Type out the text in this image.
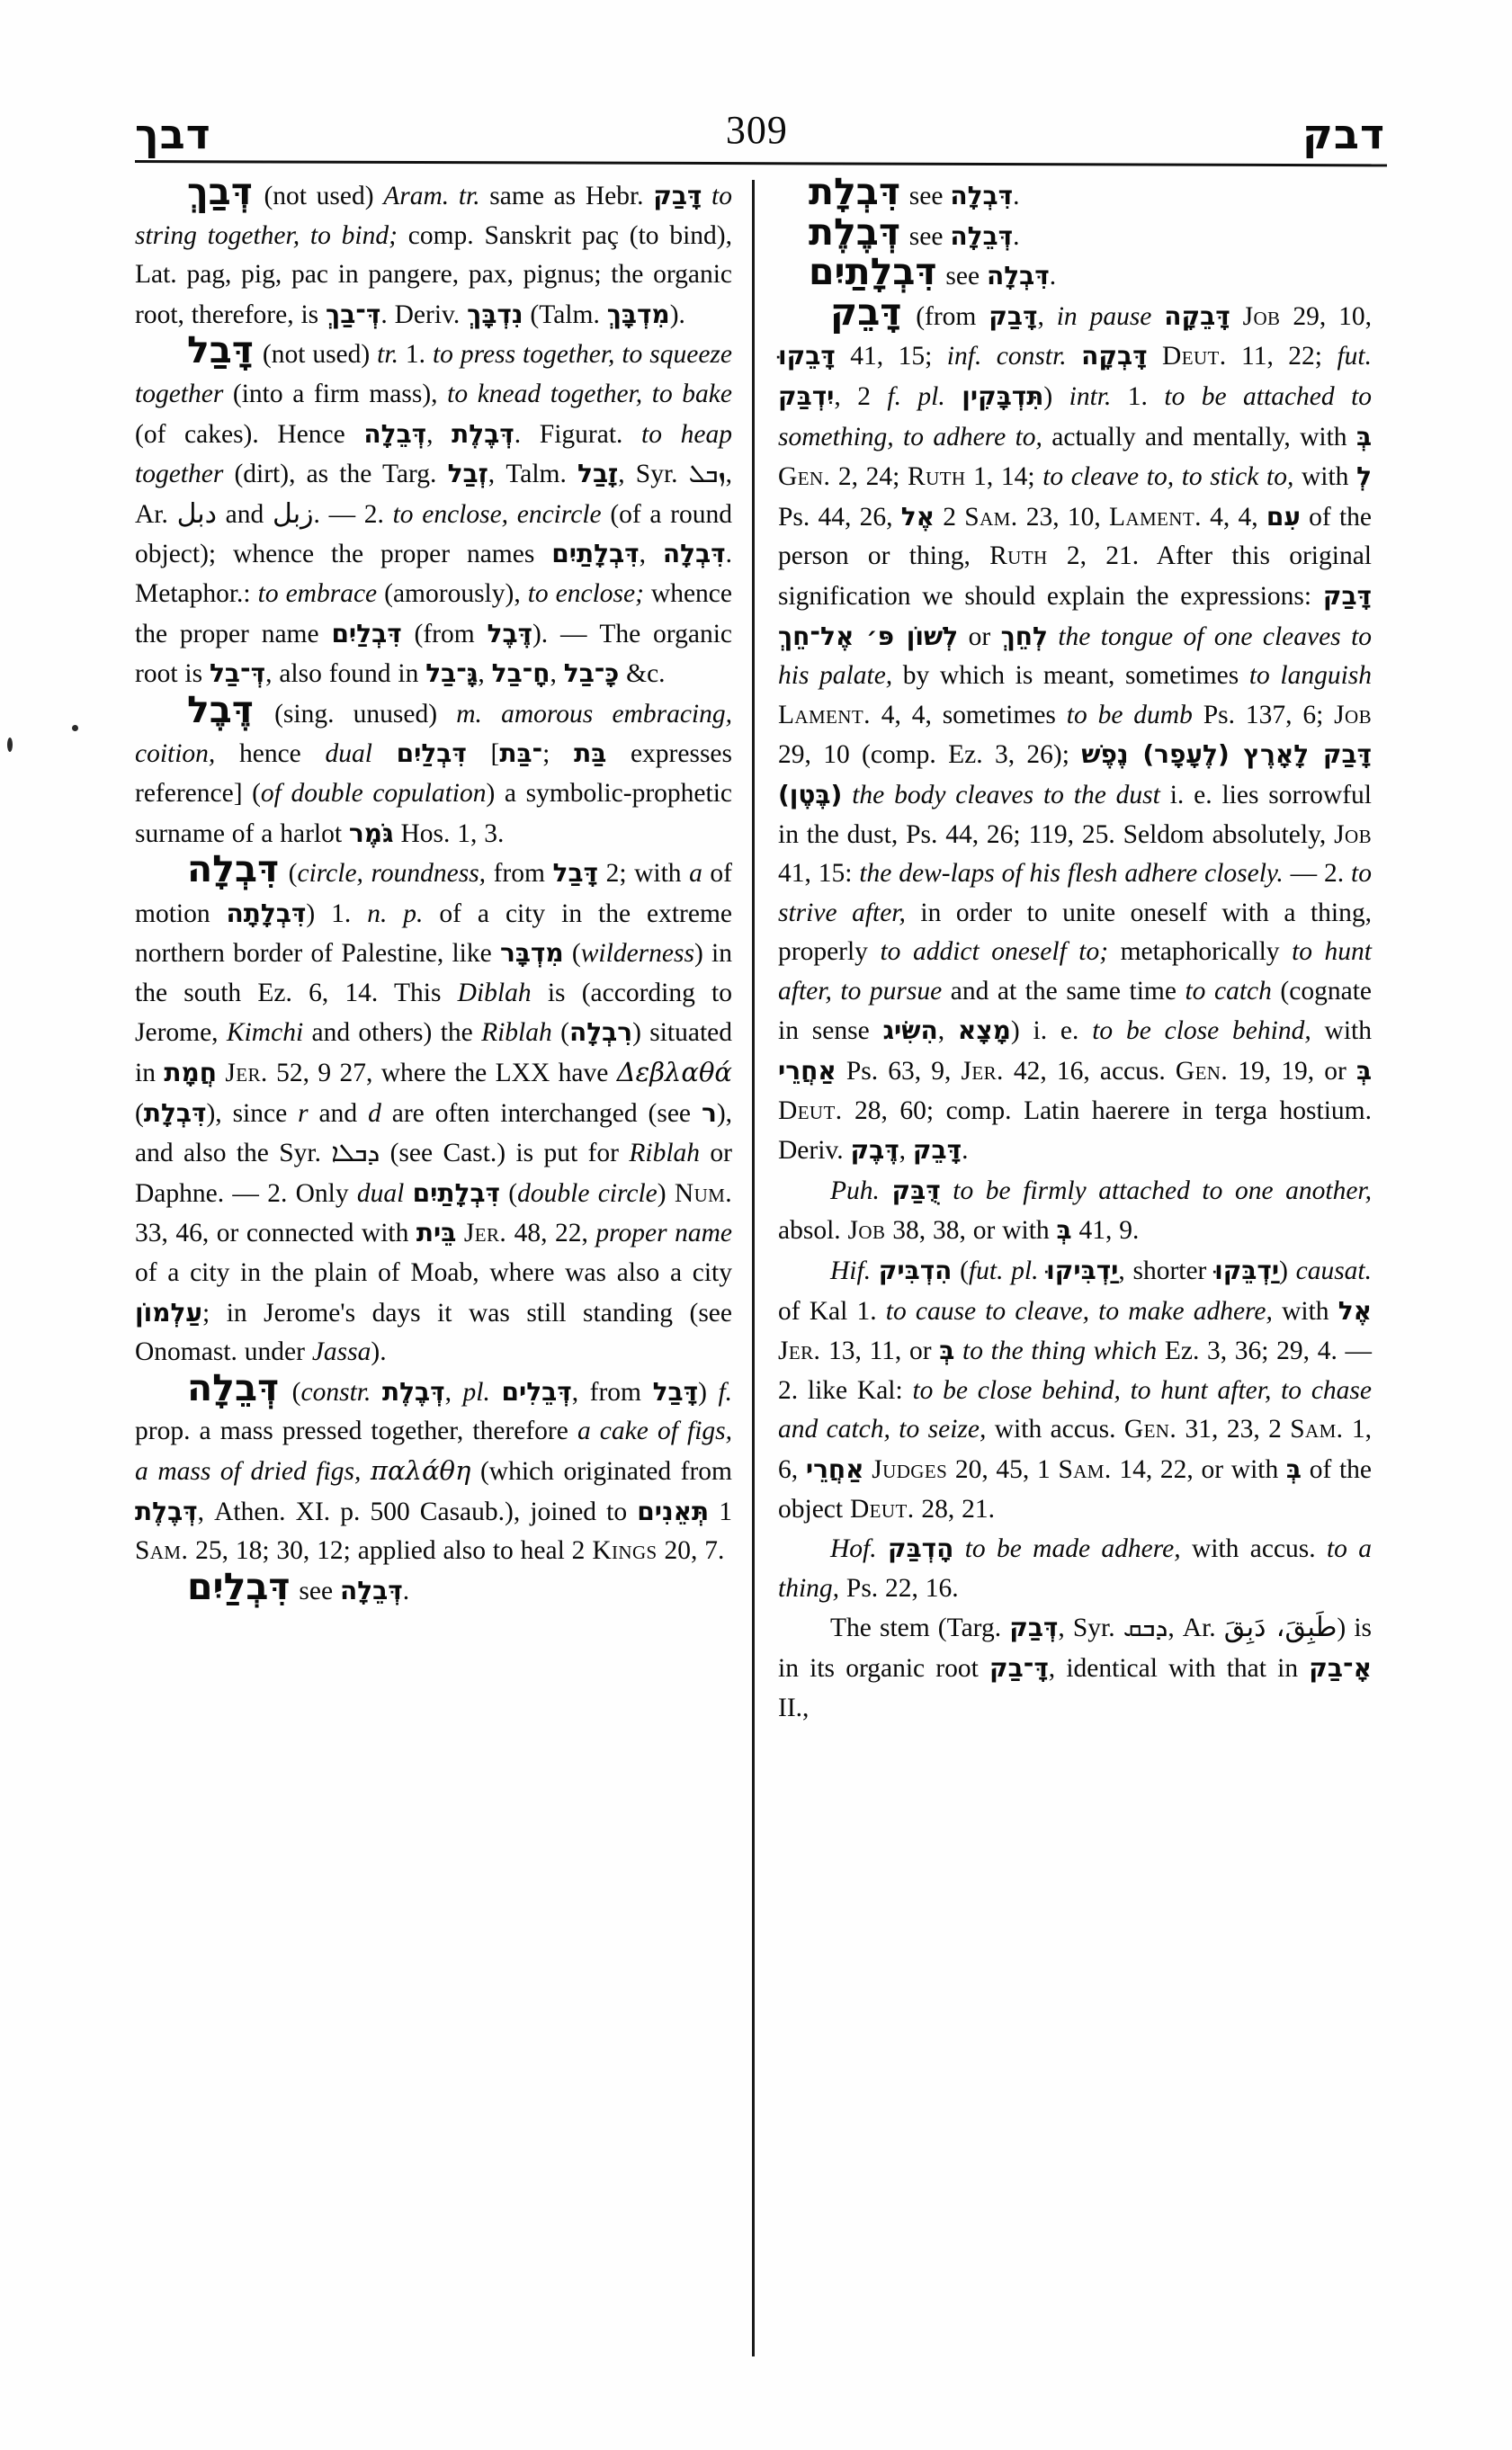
דבך	309	דבק

דְּבַךְ (not used) Aram. tr. same as Hebr. דָּבַק to string together, to bind; comp. Sanskrit paç (to bind), Lat. pag, pig, pac in pangere, pax, pignus; the organic root, therefore, is דְּ־בַךְ. Deriv. נִדְבָּךְ (Talm. מִדְבָּךְ).

דָּבַל (not used) tr. 1. to press together, to squeeze together (into a firm mass), to knead together, to bake (of cakes). Hence דְּבֵלָה, דְּבֶלֶת. Figurat. to heap together (dirt), as the Targ. זְבַל, Talm. זָבַל, Syr. ܙܒܠ, Ar. دبل and زبل. — 2. to enclose, encircle (of a round object); whence the proper names דִּבְלָתַיִם, דִּבְלָה. Metaphor.: to embrace (amorously), to enclose; whence the proper name דִּבְלַיִם (from דֶּבֶל). — The organic root is דְּ־בַל, also found in גָּ־בַל, חָ־בַל, כָּ־בַל &c.

דֶּבֶל (sing. unused) m. amorous embracing, coition, hence dual דִּבְלַיִם [־בַּת; בַּת expresses reference] (of double copulation) a symbolic-prophetic surname of a harlot גֹּמֶר Hos. 1, 3.

דִּבְלָה (circle, roundness, from דָּבַל 2; with a of motion דִּבְלָתָה) 1. n. p. of a city in the extreme northern border of Palestine, like מִדְבָּר (wilderness) in the south Ez. 6, 14. This Diblah is (according to Jerome, Kimchi and others) the Riblah (רִבְלָה) situated in חֲמָת Jer. 52, 9 27, where the LXX have Δεβλαθά (דִּבְלָת), since r and d are often interchanged (see ר), and also the Syr. ܕܒܠܐ (see Cast.) is put for Riblah or Daphne. — 2. Only dual דִּבְלָתַיִם (double circle) Num. 33, 46, or connected with בֵּית Jer. 48, 22, proper name of a city in the plain of Moab, where was also a city עַלְמוֹן; in Jerome's days it was still standing (see Onomast. under Jassa).

דְּבֵלָה (constr. דְּבֶלֶת, pl. דְּבֵלִים, from דָּבַל) f. prop. a mass pressed together, therefore a cake of figs, a mass of dried figs, παλάθη (which originated from דְּבֶלֶת, Athen. XI. p. 500 Casaub.), joined to תְּאֵנִים 1 Sam. 25, 18; 30, 12; applied also to heal 2 Kings 20, 7.

דִּבְלַיִם see דְּבֵלָה.

דִּבְלָת see דִּבְלָה.

דְּבֶלֶת see דְּבֵלָה.

דִּבְלָתַיִם see דִּבְלָה.

דָּבֵק (from דָּבַק, in pause דָּבֵקָה Job 29, 10, דָּבֵקוּ 41, 15; inf. constr. דָּבְקָה Deut. 11, 22; fut. יִדְבַּק, 2 f. pl. תִּדְבָּקִין) intr. 1. to be attached to something, to adhere to, actually and mentally, with בְּ Gen. 2, 24; Ruth 1, 14; to cleave to, to stick to, with לְ Ps. 44, 26, אֶל 2 Sam. 23, 10, Lament. 4, 4, עִם of the person or thing, Ruth 2, 21. After this original signification we should explain the expressions: דָּבַק לְשׁוֹן פּ׳ אֶל־חֵךְ or לְחֵךְ the tongue of one cleaves to his palate, by which is meant, sometimes to languish Lament. 4, 4, sometimes to be dumb Ps. 137, 6; Job 29, 10 (comp. Ez. 3, 26); דָּבַק לָאָרֶץ (לֶעָפָר) נֶפֶשׁ (בֶּטֶן) the body cleaves to the dust i. e. lies sorrowful in the dust, Ps. 44, 26; 119, 25. Seldom absolutely, Job 41, 15: the dew-laps of his flesh adhere closely. — 2. to strive after, in order to unite oneself with a thing, properly to addict oneself to; metaphorically to hunt after, to pursue and at the same time to catch (cognate in sense הִשִּׂיג, מָצָא) i. e. to be close behind, with אַחֲרֵי Ps. 63, 9, Jer. 42, 16, accus. Gen. 19, 19, or בְּ Deut. 28, 60; comp. Latin haerere in terga hostium. Deriv. דֶּבֶק, דָּבֵק.

Puh. דֻּבַּק to be firmly attached to one another, absol. Job 38, 38, or with בְּ 41, 9.

Hif. הִדְבִּיק (fut. pl. יַדְבִּיקוּ, shorter יַדְבֵּקוּ) causat. of Kal 1. to cause to cleave, to make adhere, with אֶל Jer. 13, 11, or בְּ to the thing which Ez. 3, 36; 29, 4. — 2. like Kal: to be close behind, to hunt after, to chase and catch, to seize, with accus. Gen. 31, 23, 2 Sam. 1, 6, אַחֲרֵי Judges 20, 45, 1 Sam. 14, 22, or with בְּ of the object Deut. 28, 21.

Hof. הָדְבַּק to be made adhere, with accus. to a thing, Ps. 22, 16.

The stem (Targ. דְּבַק, Syr. ܕܒܩ, Ar. طَبِقَ، دَبِقَ) is in its organic root דָּ־בַק, identical with that in אָ־בַק II.,
